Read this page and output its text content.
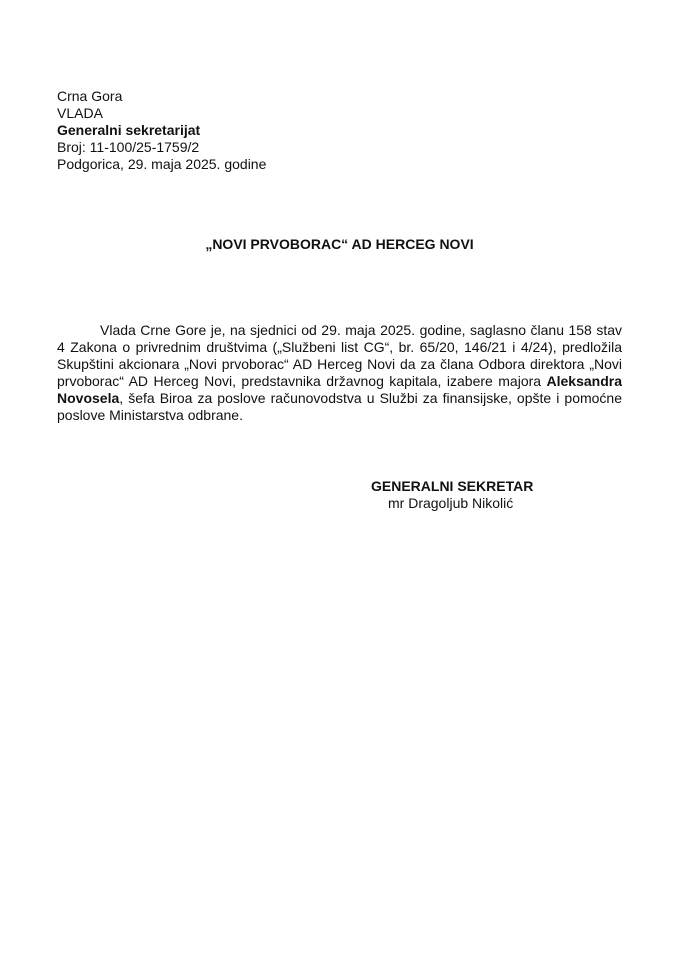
Crna Gora
VLADA
Generalni sekretarijat
Broj: 11-100/25-1759/2
Podgorica, 29. maja 2025. godine
„NOVI PRVOBORAC“ AD HERCEG NOVI
Vlada Crne Gore je, na sjednici od 29. maja 2025. godine, saglasno članu 158 stav
4 Zakona o privrednim društvima („Službeni list CG“, br. 65/20, 146/21 i 4/24), predložila
Skupštini akcionara „Novi prvoborac“ AD Herceg Novi da za člana Odbora direktora „Novi
prvoborac“ AD Herceg Novi, predstavnika državnog kapitala, izabere majora Aleksandra
Novosela, šefa Biroa za poslove računovodstva u Službi za finansijske, opšte i pomoćne
poslove Ministarstva odbrane.
GENERALNI SEKRETAR
mr Dragoljub Nikolić
